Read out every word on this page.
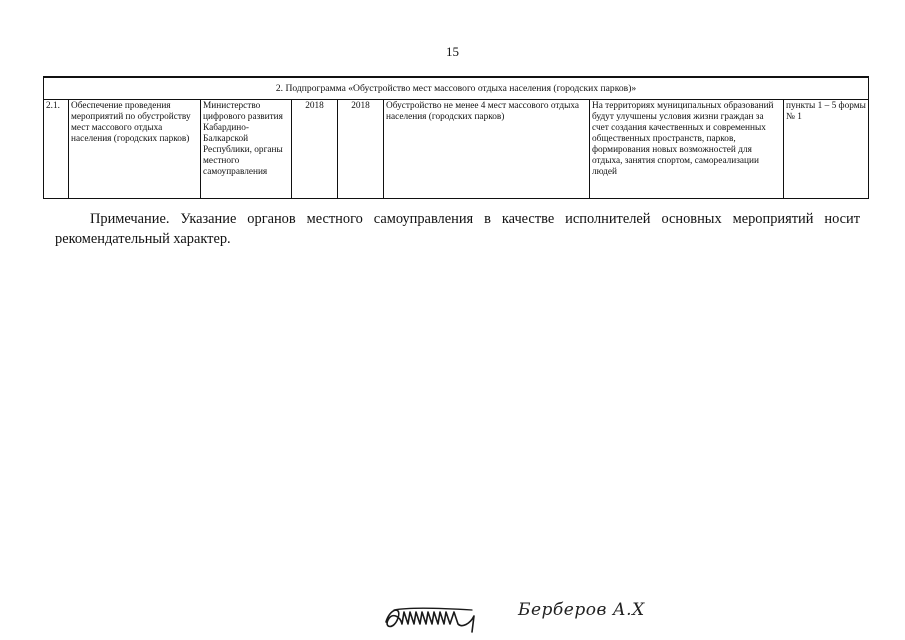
15
2. Подпрограмма «Обустройство мест массового отдыха населения (городских парков)»
2.1.	Обеспечение проведения мероприятий по обустройству мест массового отдыха населения (городских парков)	Министерство цифрового развития Кабардино-Балкарской Республики, органы местного самоуправления	2018	2018	Обустройство не менее 4 мест массового отдыха населения (городских парков)	На территориях муниципальных образований будут улучшены условия жизни граждан за счет создания качественных и современных общественных пространств, парков, формирования новых возможностей для отдыха, занятия спортом, самореализации людей	пункты 1 – 5 формы № 1
Примечание. Указание органов местного самоуправления в качестве исполнителей основных мероприятий носит рекомендательный характер.
Берберов А.Х
